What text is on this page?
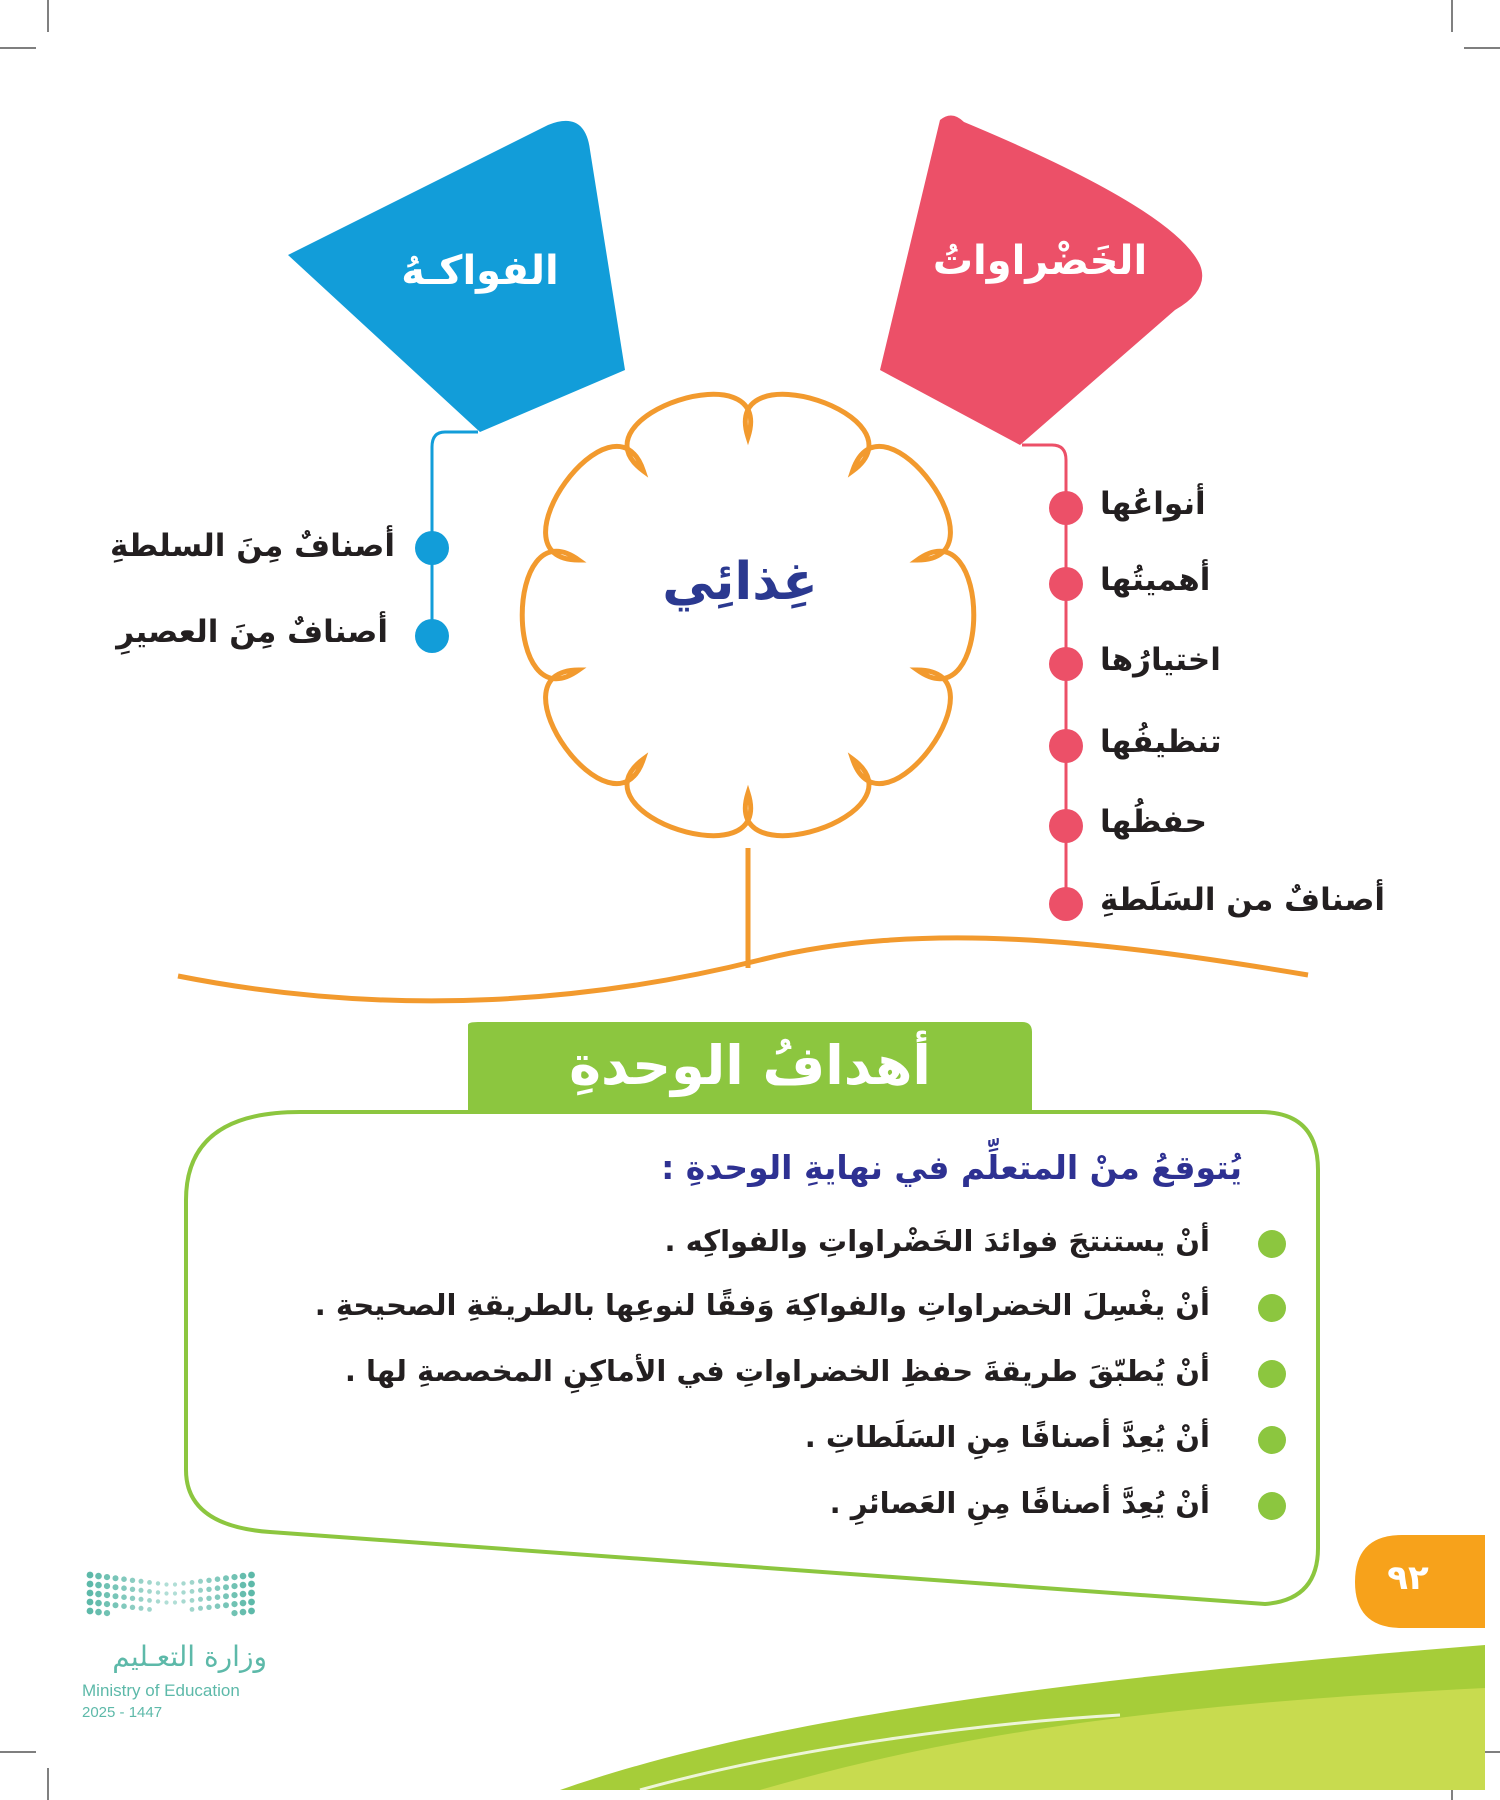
الفواكـهُ	الخَضْراواتُ
غِذائِي
أصنافٌ مِنَ السلطةِ
أصنافٌ مِنَ العصيرِ
أنواعُها
أهميتُها
اختيارُها
تنظيفُها
حفظُها
أصنافٌ من السَلَطةِ
أهدافُ الوحدةِ
يُتوقعُ منْ المتعلِّم في نهايةِ الوحدةِ :
أنْ يستنتجَ فوائدَ الخَضْراواتِ والفواكِه .
أنْ يغْسِلَ الخضراواتِ والفواكِهَ وَفقًا لنوعِها بالطريقةِ الصحيحةِ .
أنْ يُطبّقَ طريقةَ حفظِ الخضراواتِ في الأماكِنِ المخصصةِ لها .
أنْ يُعِدَّ أصنافًا مِنِ السَلَطاتِ .
أنْ يُعِدَّ أصنافًا مِنِ العَصائرِ .
٩٢
وزارة التعـليم
Ministry of Education
2025 - 1447
